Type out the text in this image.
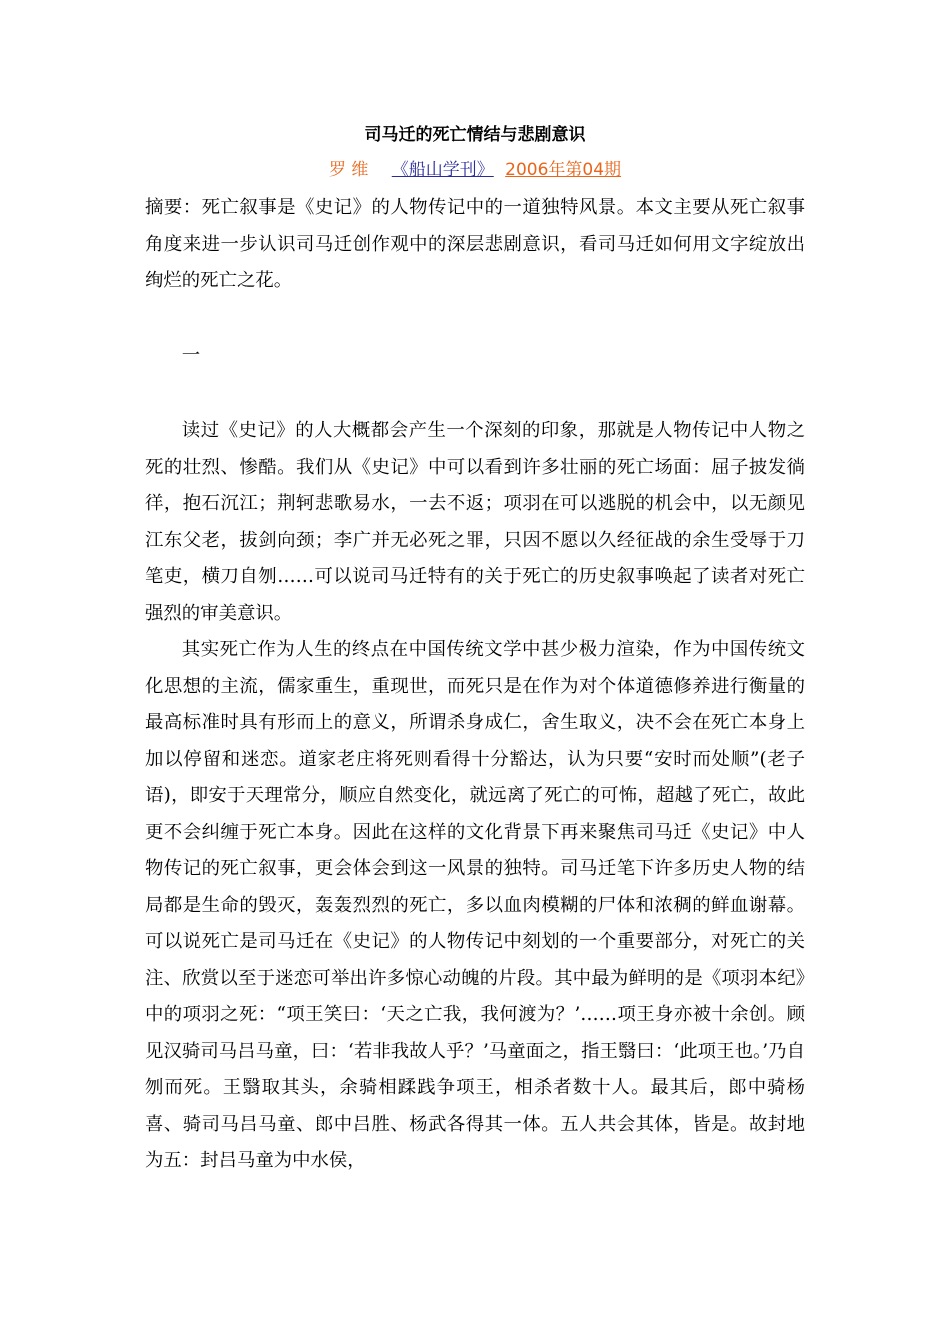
司马迁的死亡情结与悲剧意识
罗 维 《船山学刊》 2006年第04期

摘要：死亡叙事是《史记》的人物传记中的一道独特风景。本文主要从死亡叙事角度来进一步认识司马迁创作观中的深层悲剧意识，看司马迁如何用文字绽放出绚烂的死亡之花。

一

读过《史记》的人大概都会产生一个深刻的印象，那就是人物传记中人物之死的壮烈、惨酷。我们从《史记》中可以看到许多壮丽的死亡场面：屈子披发徜徉，抱石沉江；荆轲悲歌易水，一去不返；项羽在可以逃脱的机会中，以无颜见江东父老，拔剑向颈；李广并无必死之罪，只因不愿以久经征战的余生受辱于刀笔吏，横刀自刎……可以说司马迁特有的关于死亡的历史叙事唤起了读者对死亡强烈的审美意识。

其实死亡作为人生的终点在中国传统文学中甚少极力渲染，作为中国传统文化思想的主流，儒家重生，重现世，而死只是在作为对个体道德修养进行衡量的最高标准时具有形而上的意义，所谓杀身成仁，舍生取义，决不会在死亡本身上加以停留和迷恋。道家老庄将死则看得十分豁达，认为只要“安时而处顺”(老子语)，即安于天理常分，顺应自然变化，就远离了死亡的可怖，超越了死亡，故此更不会纠缠于死亡本身。因此在这样的文化背景下再来聚焦司马迁《史记》中人物传记的死亡叙事，更会体会到这一风景的独特。司马迁笔下许多历史人物的结局都是生命的毁灭，轰轰烈烈的死亡，多以血肉模糊的尸体和浓稠的鲜血谢幕。可以说死亡是司马迁在《史记》的人物传记中刻划的一个重要部分，对死亡的关注、欣赏以至于迷恋可举出许多惊心动魄的片段。其中最为鲜明的是《项羽本纪》中的项羽之死：“项王笑曰：‘天之亡我，我何渡为？’……项王身亦被十余创。顾见汉骑司马吕马童，曰：‘若非我故人乎？’马童面之，指王翳曰：‘此项王也。’乃自刎而死。王翳取其头，余骑相蹂践争项王，相杀者数十人。最其后，郎中骑杨喜、骑司马吕马童、郎中吕胜、杨武各得其一体。五人共会其体，皆是。故封地为五：封吕马童为中水侯，
